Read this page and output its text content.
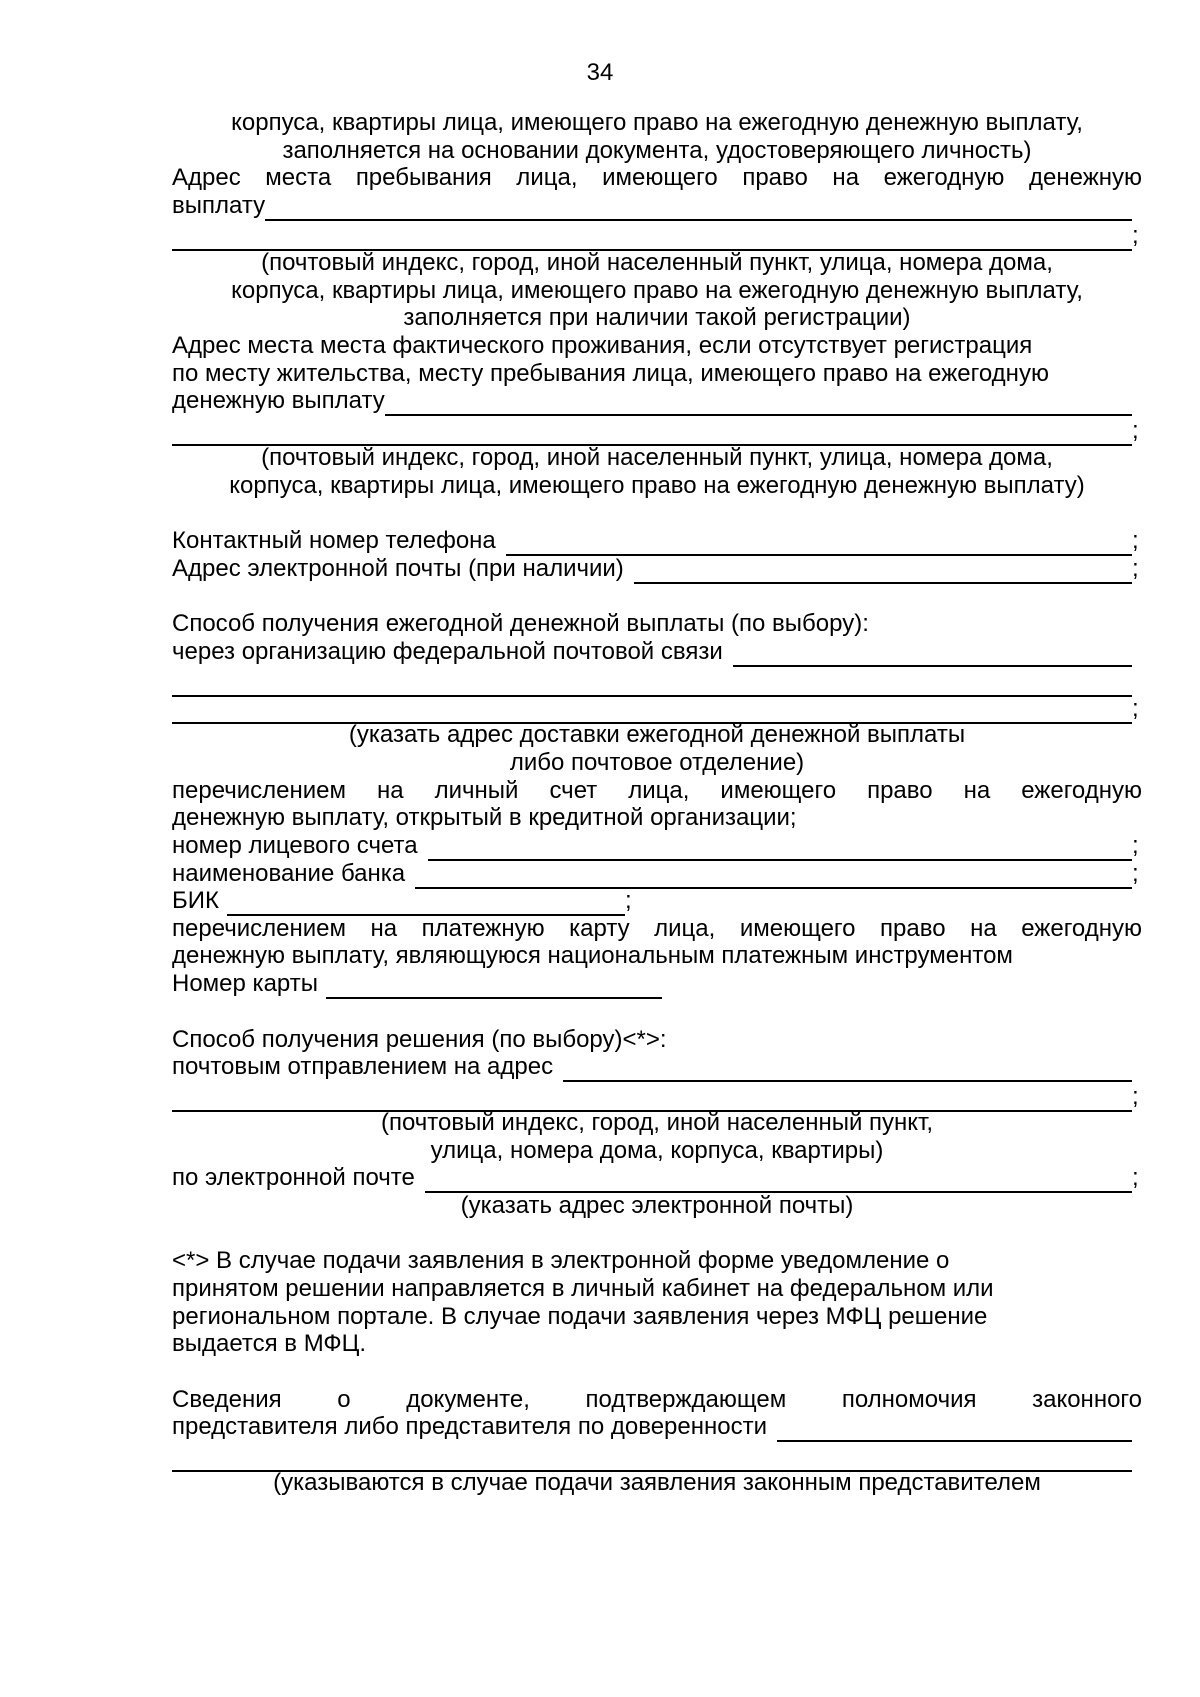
34
корпуса, квартиры лица, имеющего право на ежегодную денежную выплату,
заполняется на основании документа, удостоверяющего личность)
Адрес места пребывания лица, имеющего право на ежегодную денежную
выплату
;
(почтовый индекс, город, иной населенный пункт, улица, номера дома,
корпуса, квартиры лица, имеющего право на ежегодную денежную выплату,
заполняется при наличии такой регистрации)
Адрес места места фактического проживания, если отсутствует регистрация
по месту жительства, месту пребывания лица, имеющего право на ежегодную
денежную выплату
;
(почтовый индекс, город, иной населенный пункт, улица, номера дома,
корпуса, квартиры лица, имеющего право на ежегодную денежную выплату)
Контактный номер телефона	;
Адрес электронной почты (при наличии)	;
Способ получения ежегодной денежной выплаты (по выбору):
через организацию федеральной почтовой связи
;
(указать адрес доставки ежегодной денежной выплаты
либо почтовое отделение)
перечислением на личный счет лица, имеющего право на ежегодную
денежную выплату, открытый в кредитной организации;
номер лицевого счета	;
наименование банка	;
БИК	;
перечислением на платежную карту лица, имеющего право на ежегодную
денежную выплату, являющуюся национальным платежным инструментом
Номер карты
Способ получения решения (по выбору)<*>:
почтовым отправлением на адрес
;
(почтовый индекс, город, иной населенный пункт,
улица, номера дома, корпуса, квартиры)
по электронной почте	;
(указать адрес электронной почты)
<*> В случае подачи заявления в электронной форме уведомление о
принятом решении направляется в личный кабинет на федеральном или
региональном портале. В случае подачи заявления через МФЦ решение
выдается в МФЦ.
Сведения о документе, подтверждающем полномочия законного
представителя либо представителя по доверенности
(указываются в случае подачи заявления законным представителем
